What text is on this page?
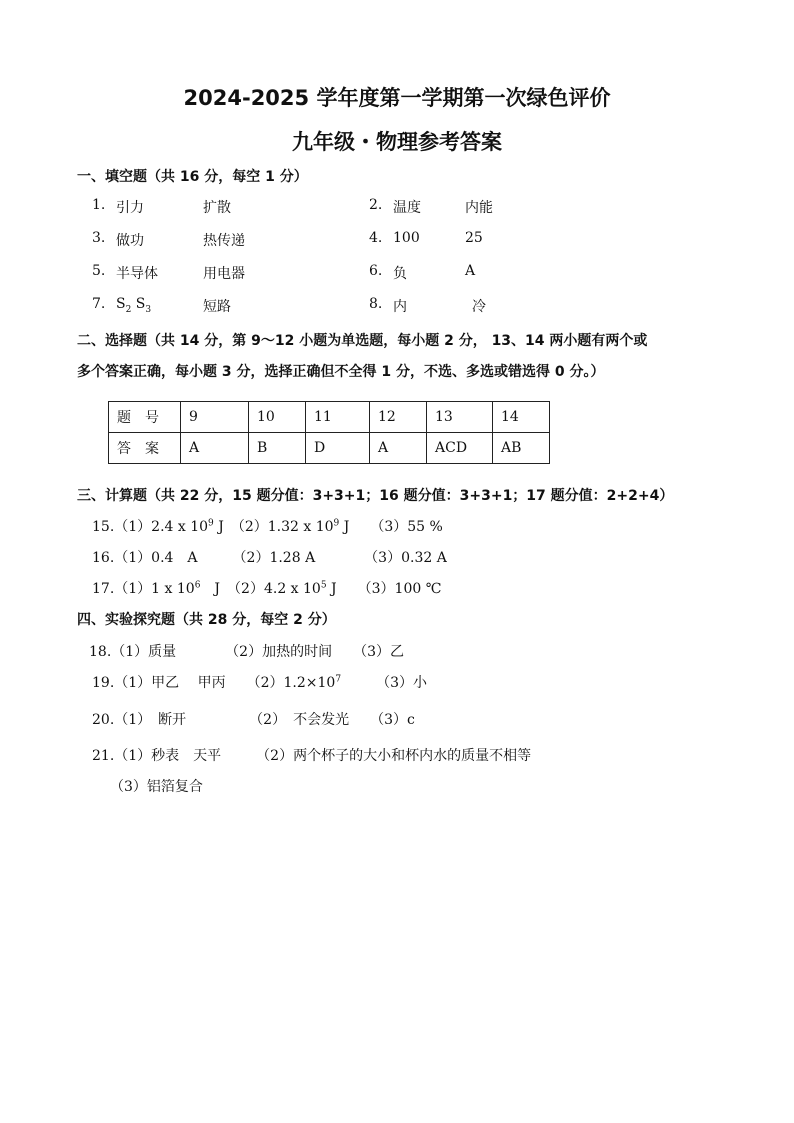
2024-2025 学年度第一学期第一次绿色评价
九年级・物理参考答案
一、填空题（共 16 分，每空 1 分）
1. 引力	扩散	2. 温度	内能
3. 做功	热传递	4. 100	25
5. 半导体	用电器	6. 负	A
7. $S_2$ $S_3$	短路	8. 内	冷
二、选择题（共 14 分，第 9～12 小题为单选题，每小题 2 分， 13、14 两小题有两个或
多个答案正确，每小题 3 分，选择正确但不全得 1 分，不选、多选或错选得 0 分。）
题　号	9	10	11	12	13	14
答　案	A	B	D	A	ACD	AB
三、计算题（共 22 分，15 题分值：3+3+1；16 题分值：3+3+1；17 题分值：2+2+4）
15.（1）2.4 x $10^9$ J　（2）1.32 x $10^9$ J　　（3）55 %
16.（1）0.4　A　　　（2）1.28 A　　　　（3）0.32 A
17.（1）1 x $10^6$　J　（2）4.2 x $10^5$ J　　（3）100 ℃
四、实验探究题（共 28 分，每空 2 分）
18.（1）质量　　　　（2）加热的时间　　（3）乙
19.（1）甲乙　 甲丙　　$(2)1.2\times 10^7$　　　（3）小
20.（1）　断开　　　　　（2）　不会发光　　（3）c
21.（1）秒表　天平　　　（2）两个杯子的大小和杯内水的质量不相等
（3）铝箔复合
